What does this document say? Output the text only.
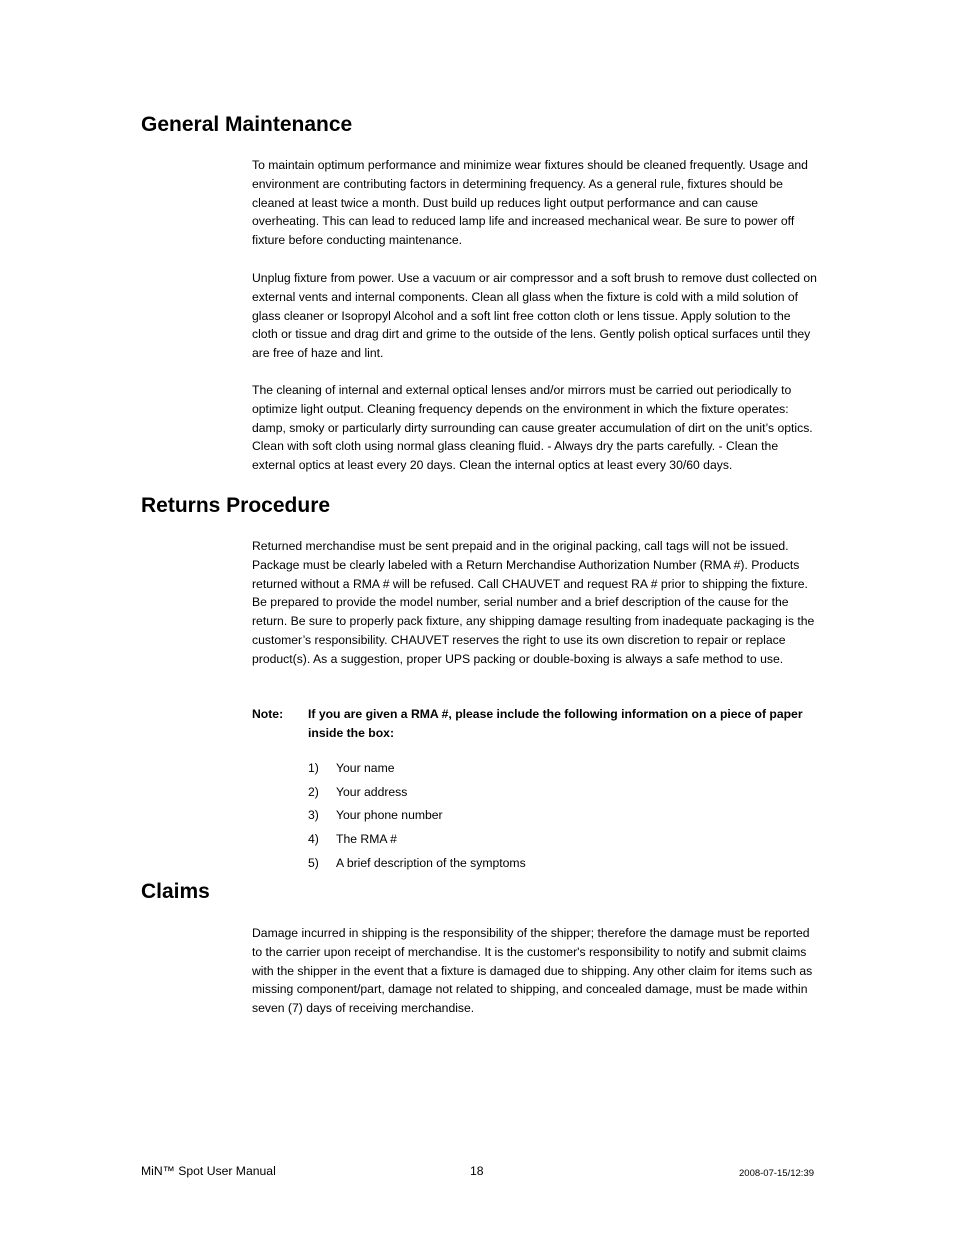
General Maintenance

To maintain optimum performance and minimize wear fixtures should be cleaned frequently. Usage and environment are contributing factors in determining frequency. As a general rule, fixtures should be cleaned at least twice a month. Dust build up reduces light output performance and can cause overheating. This can lead to reduced lamp life and increased mechanical wear. Be sure to power off fixture before conducting maintenance.

Unplug fixture from power. Use a vacuum or air compressor and a soft brush to remove dust collected on external vents and internal components. Clean all glass when the fixture is cold with a mild solution of glass cleaner or Isopropyl Alcohol and a soft lint free cotton cloth or lens tissue. Apply solution to the cloth or tissue and drag dirt and grime to the outside of the lens. Gently polish optical surfaces until they are free of haze and lint.

The cleaning of internal and external optical lenses and/or mirrors must be carried out periodically to optimize light output. Cleaning frequency depends on the environment in which the fixture operates: damp, smoky or particularly dirty surrounding can cause greater accumulation of dirt on the unit’s optics. Clean with soft cloth using normal glass cleaning fluid. - Always dry the parts carefully. - Clean the external optics at least every 20 days. Clean the internal optics at least every 30/60 days.

Returns Procedure

Returned merchandise must be sent prepaid and in the original packing, call tags will not be issued. Package must be clearly labeled with a Return Merchandise Authorization Number (RMA #). Products returned without a RMA # will be refused. Call CHAUVET and request RA # prior to shipping the fixture. Be prepared to provide the model number, serial number and a brief description of the cause for the return. Be sure to properly pack fixture, any shipping damage resulting from inadequate packaging is the customer’s responsibility. CHAUVET reserves the right to use its own discretion to repair or replace product(s). As a suggestion, proper UPS packing or double-boxing is always a safe method to use.

Note: If you are given a RMA #, please include the following information on a piece of paper inside the box:
1) Your name
2) Your address
3) Your phone number
4) The RMA #
5) A brief description of the symptoms
Claims

Damage incurred in shipping is the responsibility of the shipper; therefore the damage must be reported to the carrier upon receipt of merchandise. It is the customer's responsibility to notify and submit claims with the shipper in the event that a fixture is damaged due to shipping. Any other claim for items such as missing component/part, damage not related to shipping, and concealed damage, must be made within seven (7) days of receiving merchandise.

MiN™ Spot User Manual	18	2008-07-15/12:39
